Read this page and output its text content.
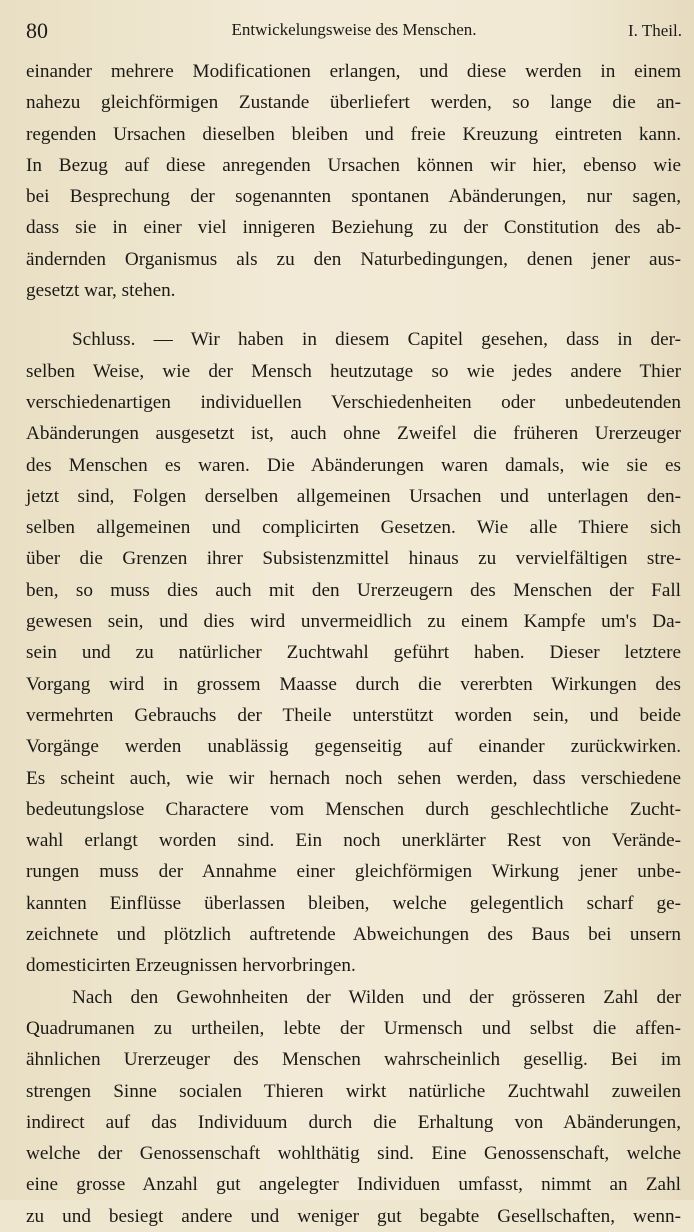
80	Entwickelungsweise des Menschen.	I. Theil.
einander mehrere Modificationen erlangen, und diese werden in einem
nahezu gleichförmigen Zustande überliefert werden, so lange die an-
regenden Ursachen dieselben bleiben und freie Kreuzung eintreten kann.
In Bezug auf diese anregenden Ursachen können wir hier, ebenso wie
bei Besprechung der sogenannten spontanen Abänderungen, nur sagen,
dass sie in einer viel innigeren Beziehung zu der Constitution des ab-
ändernden Organismus als zu den Naturbedingungen, denen jener aus-
gesetzt war, stehen.
Schluss. — Wir haben in diesem Capitel gesehen, dass in der-
selben Weise, wie der Mensch heutzutage so wie jedes andere Thier
verschiedenartigen individuellen Verschiedenheiten oder unbedeutenden
Abänderungen ausgesetzt ist, auch ohne Zweifel die früheren Urerzeuger
des Menschen es waren. Die Abänderungen waren damals, wie sie es
jetzt sind, Folgen derselben allgemeinen Ursachen und unterlagen den-
selben allgemeinen und complicirten Gesetzen. Wie alle Thiere sich
über die Grenzen ihrer Subsistenzmittel hinaus zu vervielfältigen stre-
ben, so muss dies auch mit den Urerzeugern des Menschen der Fall
gewesen sein, und dies wird unvermeidlich zu einem Kampfe um's Da-
sein und zu natürlicher Zuchtwahl geführt haben. Dieser letztere
Vorgang wird in grossem Maasse durch die vererbten Wirkungen des
vermehrten Gebrauchs der Theile unterstützt worden sein, und beide
Vorgänge werden unablässig gegenseitig auf einander zurückwirken.
Es scheint auch, wie wir hernach noch sehen werden, dass verschiedene
bedeutungslose Charactere vom Menschen durch geschlechtliche Zucht-
wahl erlangt worden sind. Ein noch unerklärter Rest von Verände-
rungen muss der Annahme einer gleichförmigen Wirkung jener unbe-
kannten Einflüsse überlassen bleiben, welche gelegentlich scharf ge-
zeichnete und plötzlich auftretende Abweichungen des Baus bei unsern
domesticirten Erzeugnissen hervorbringen.
Nach den Gewohnheiten der Wilden und der grösseren Zahl der
Quadrumanen zu urtheilen, lebte der Urmensch und selbst die affen-
ähnlichen Urerzeuger des Menschen wahrscheinlich gesellig. Bei im
strengen Sinne socialen Thieren wirkt natürliche Zuchtwahl zuweilen
indirect auf das Individuum durch die Erhaltung von Abänderungen,
welche der Genossenschaft wohlthätig sind. Eine Genossenschaft, welche
eine grosse Anzahl gut angelegter Individuen umfasst, nimmt an Zahl
zu und besiegt andere und weniger gut begabte Gesellschaften, wenn-
